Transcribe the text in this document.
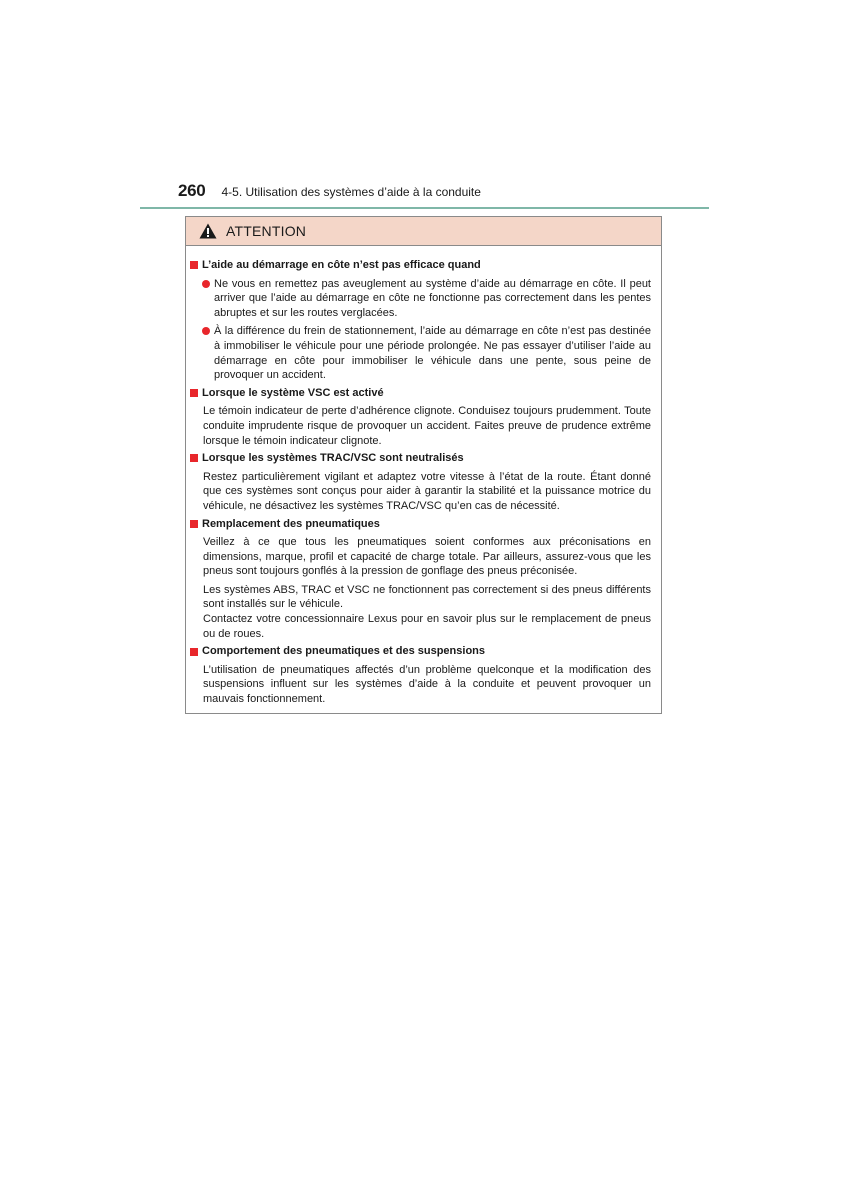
260 4-5. Utilisation des systèmes d’aide à la conduite
ATTENTION
L’aide au démarrage en côte n’est pas efficace quand
Ne vous en remettez pas aveuglement au système d’aide au démarrage en côte. Il peut arriver que l’aide au démarrage en côte ne fonctionne pas correctement dans les pentes abruptes et sur les routes verglacées.
À la différence du frein de stationnement, l’aide au démarrage en côte n’est pas destinée à immobiliser le véhicule pour une période prolongée. Ne pas essayer d’utiliser l’aide au démarrage en côte pour immobiliser le véhicule dans une pente, sous peine de provoquer un accident.
Lorsque le système VSC est activé
Le témoin indicateur de perte d’adhérence clignote. Conduisez toujours prudemment. Toute conduite imprudente risque de provoquer un accident. Faites preuve de prudence extrême lorsque le témoin indicateur clignote.
Lorsque les systèmes TRAC/VSC sont neutralisés
Restez particulièrement vigilant et adaptez votre vitesse à l’état de la route. Étant donné que ces systèmes sont conçus pour aider à garantir la stabilité et la puissance motrice du véhicule, ne désactivez les systèmes TRAC/VSC qu’en cas de nécessité.
Remplacement des pneumatiques
Veillez à ce que tous les pneumatiques soient conformes aux préconisations en dimensions, marque, profil et capacité de charge totale. Par ailleurs, assurez-vous que les pneus sont toujours gonflés à la pression de gonflage des pneus préconisée.
Les systèmes ABS, TRAC et VSC ne fonctionnent pas correctement si des pneus différents sont installés sur le véhicule.
Contactez votre concessionnaire Lexus pour en savoir plus sur le remplacement de pneus ou de roues.
Comportement des pneumatiques et des suspensions
L’utilisation de pneumatiques affectés d’un problème quelconque et la modification des suspensions influent sur les systèmes d’aide à la conduite et peuvent provoquer un mauvais fonctionnement.
